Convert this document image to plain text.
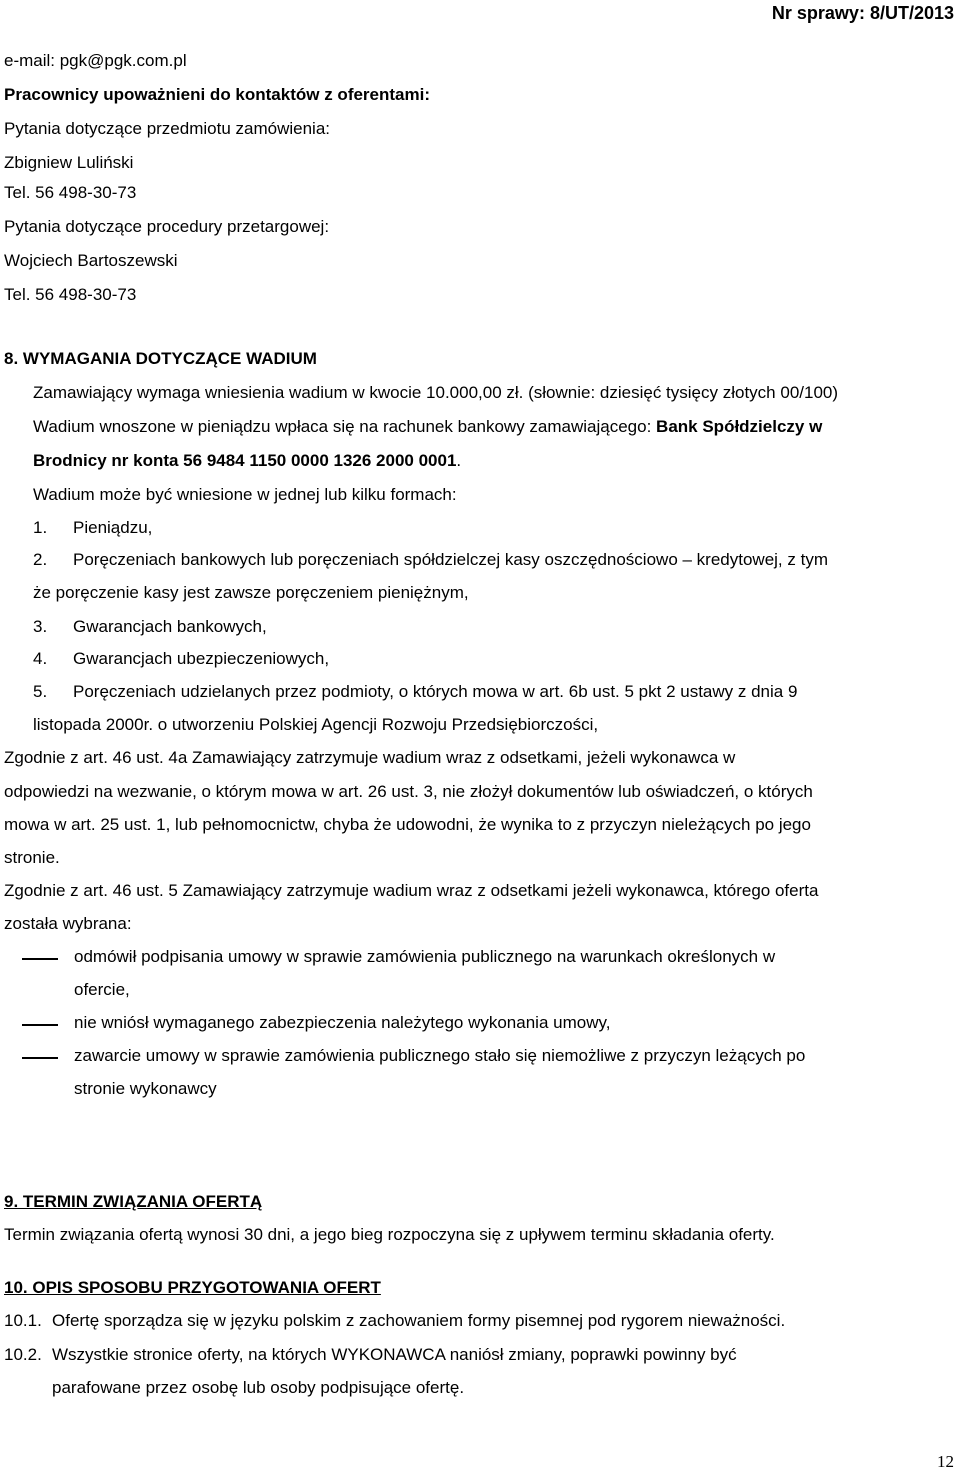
Nr sprawy: 8/UT/2013
e-mail: pgk@pgk.com.pl
Pracownicy upoważnieni do kontaktów z oferentami:
Pytania dotyczące przedmiotu zamówienia:
Zbigniew Luliński
Tel. 56 498-30-73
Pytania dotyczące procedury przetargowej:
Wojciech Bartoszewski
Tel. 56 498-30-73
8. WYMAGANIA DOTYCZĄCE WADIUM
Zamawiający wymaga wniesienia wadium w kwocie 10.000,00 zł. (słownie: dziesięć tysięcy złotych 00/100)
Wadium wnoszone w pieniądzu wpłaca się na rachunek bankowy zamawiającego: Bank Spółdzielczy w
Brodnicy nr konta 56 9484 1150 0000 1326 2000 0001.
Wadium może być wniesione w jednej lub kilku formach:
1. Pieniądzu,
2. Poręczeniach bankowych lub poręczeniach spółdzielczej kasy oszczędnościowo – kredytowej, z tym
że poręczenie kasy jest zawsze poręczeniem pieniężnym,
3. Gwarancjach bankowych,
4. Gwarancjach ubezpieczeniowych,
5. Poręczeniach udzielanych przez podmioty, o których mowa w art. 6b ust. 5 pkt 2 ustawy z dnia 9
listopada 2000r. o utworzeniu Polskiej Agencji Rozwoju Przedsiębiorczości,
Zgodnie z art. 46 ust. 4a Zamawiający zatrzymuje wadium wraz z odsetkami, jeżeli wykonawca w
odpowiedzi na wezwanie, o którym mowa w art. 26 ust. 3, nie złożył dokumentów lub oświadczeń, o których
mowa w art. 25 ust. 1, lub pełnomocnictw, chyba że udowodni, że wynika to z przyczyn nieleżących po jego
stronie.
Zgodnie z art. 46 ust. 5 Zamawiający zatrzymuje wadium wraz z odsetkami jeżeli wykonawca, którego oferta
została wybrana:
odmówił podpisania umowy w sprawie zamówienia publicznego na warunkach określonych w
ofercie,
nie wniósł wymaganego zabezpieczenia należytego wykonania umowy,
zawarcie umowy w sprawie zamówienia publicznego stało się niemożliwe z przyczyn leżących po
stronie wykonawcy
9. TERMIN ZWIĄZANIA OFERTĄ
Termin związania ofertą wynosi 30 dni, a jego bieg rozpoczyna się z upływem terminu składania oferty.
10. OPIS SPOSOBU PRZYGOTOWANIA OFERT
10.1. Ofertę sporządza się w języku polskim z zachowaniem formy pisemnej pod rygorem nieważności.
10.2. Wszystkie stronice oferty, na których WYKONAWCA naniósł zmiany, poprawki powinny być
parafowane przez osobę lub osoby podpisujące ofertę.
12
